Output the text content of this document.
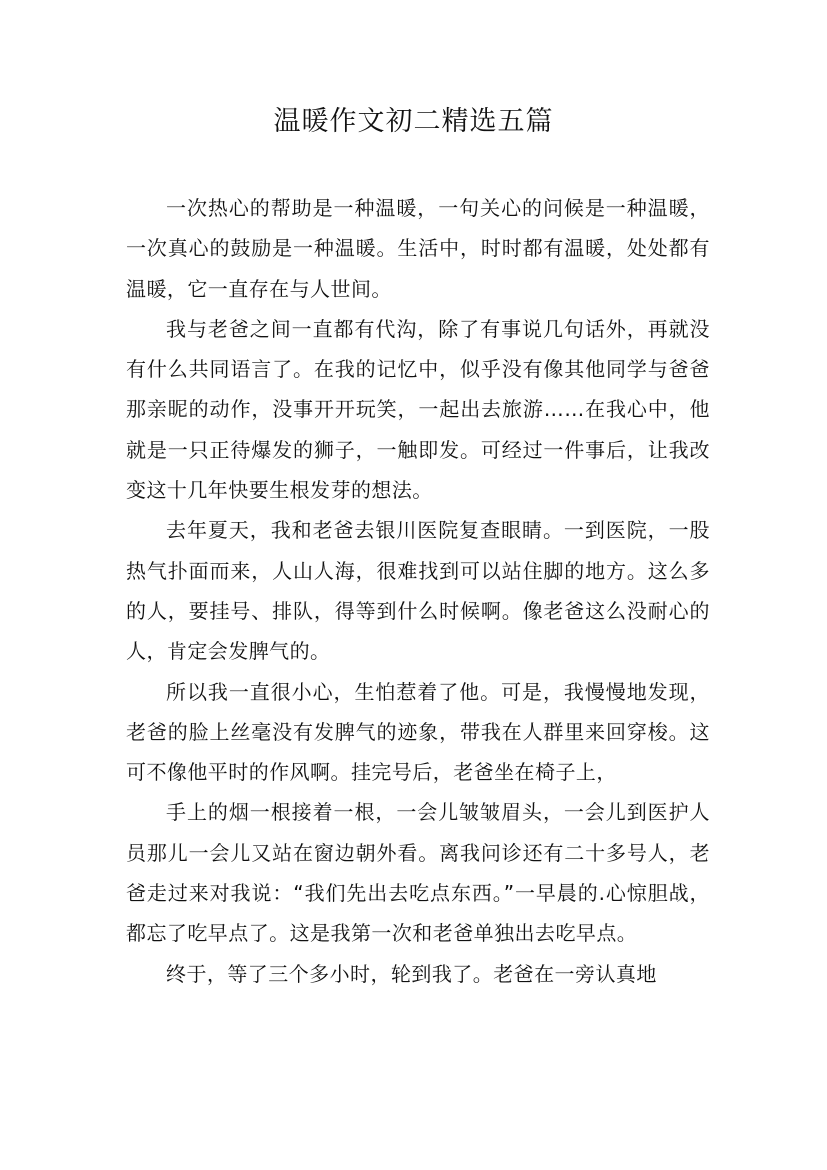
温暖作文初二精选五篇

一次热心的帮助是一种温暖，一句关心的问候是一种温暖，一次真心的鼓励是一种温暖。生活中，时时都有温暖，处处都有温暖，它一直存在与人世间。

我与老爸之间一直都有代沟，除了有事说几句话外，再就没有什么共同语言了。在我的记忆中，似乎没有像其他同学与爸爸那亲昵的动作，没事开开玩笑，一起出去旅游……在我心中，他就是一只正待爆发的狮子，一触即发。可经过一件事后，让我改变这十几年快要生根发芽的想法。

去年夏天，我和老爸去银川医院复查眼睛。一到医院，一股热气扑面而来，人山人海，很难找到可以站住脚的地方。这么多的人，要挂号、排队，得等到什么时候啊。像老爸这么没耐心的人，肯定会发脾气的。

所以我一直很小心，生怕惹着了他。可是，我慢慢地发现，老爸的脸上丝毫没有发脾气的迹象，带我在人群里来回穿梭。这可不像他平时的作风啊。挂完号后，老爸坐在椅子上，

手上的烟一根接着一根，一会儿皱皱眉头，一会儿到医护人员那儿一会儿又站在窗边朝外看。离我问诊还有二十多号人，老爸走过来对我说：“我们先出去吃点东西。”一早晨的.心惊胆战，都忘了吃早点了。这是我第一次和老爸单独出去吃早点。

终于，等了三个多小时，轮到我了。老爸在一旁认真地
